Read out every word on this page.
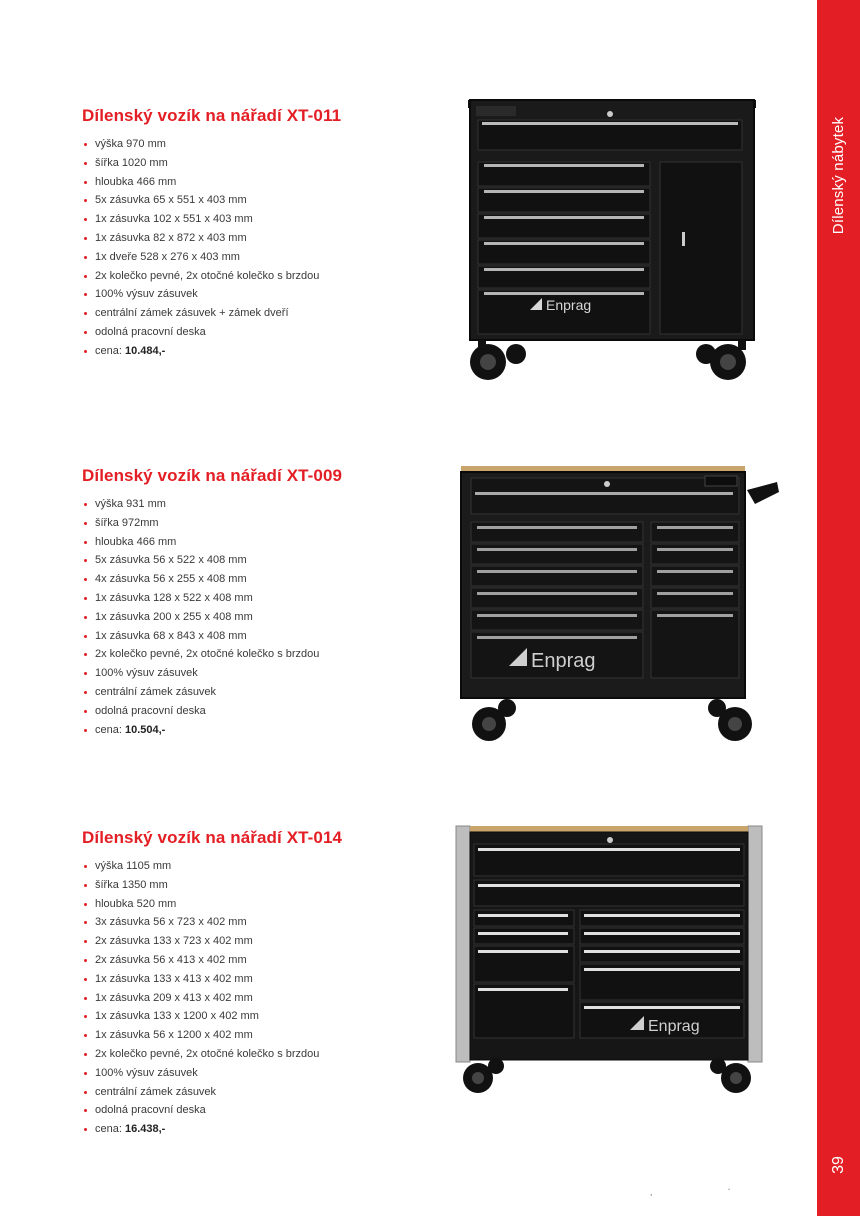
Dílenský nábytek
39
Dílenský vozík na nářadí XT-011
výška 970 mm
šířka 1020 mm
hloubka 466 mm
5x zásuvka 65 x 551 x 403 mm
1x zásuvka 102 x 551 x 403 mm
1x zásuvka 82 x 872 x 403 mm
1x dveře 528 x 276 x 403 mm
2x kolečko pevné, 2x otočné kolečko s brzdou
100% výsuv zásuvek
centrální zámek zásuvek + zámek dveří
odolná pracovní deska
cena: 10.484,-
Dílenský vozík na nářadí XT-009
výška 931 mm
šířka 972mm
hloubka 466 mm
5x zásuvka 56 x 522 x 408 mm
4x zásuvka 56 x 255 x 408 mm
1x zásuvka 128 x 522 x 408 mm
1x zásuvka 200 x 255 x 408 mm
1x zásuvka 68 x 843 x 408 mm
2x kolečko pevné, 2x otočné kolečko s brzdou
100% výsuv zásuvek
centrální zámek zásuvek
odolná pracovní deska
cena: 10.504,-
Dílenský vozík na nářadí XT-014
výška 1105 mm
šířka 1350 mm
hloubka 520 mm
3x zásuvka 56 x 723 x 402 mm
2x zásuvka 133 x 723 x 402 mm
2x zásuvka 56 x 413 x 402 mm
1x zásuvka 133 x 413 x 402 mm
1x zásuvka 209 x 413 x 402 mm
1x zásuvka 133 x 1200 x 402 mm
1x zásuvka 56 x 1200 x 402 mm
2x kolečko pevné, 2x otočné kolečko s brzdou
100% výsuv zásuvek
centrální zámek zásuvek
odolná pracovní deska
cena: 16.438,-
Enprag
Enprag
Enprag
,	´
